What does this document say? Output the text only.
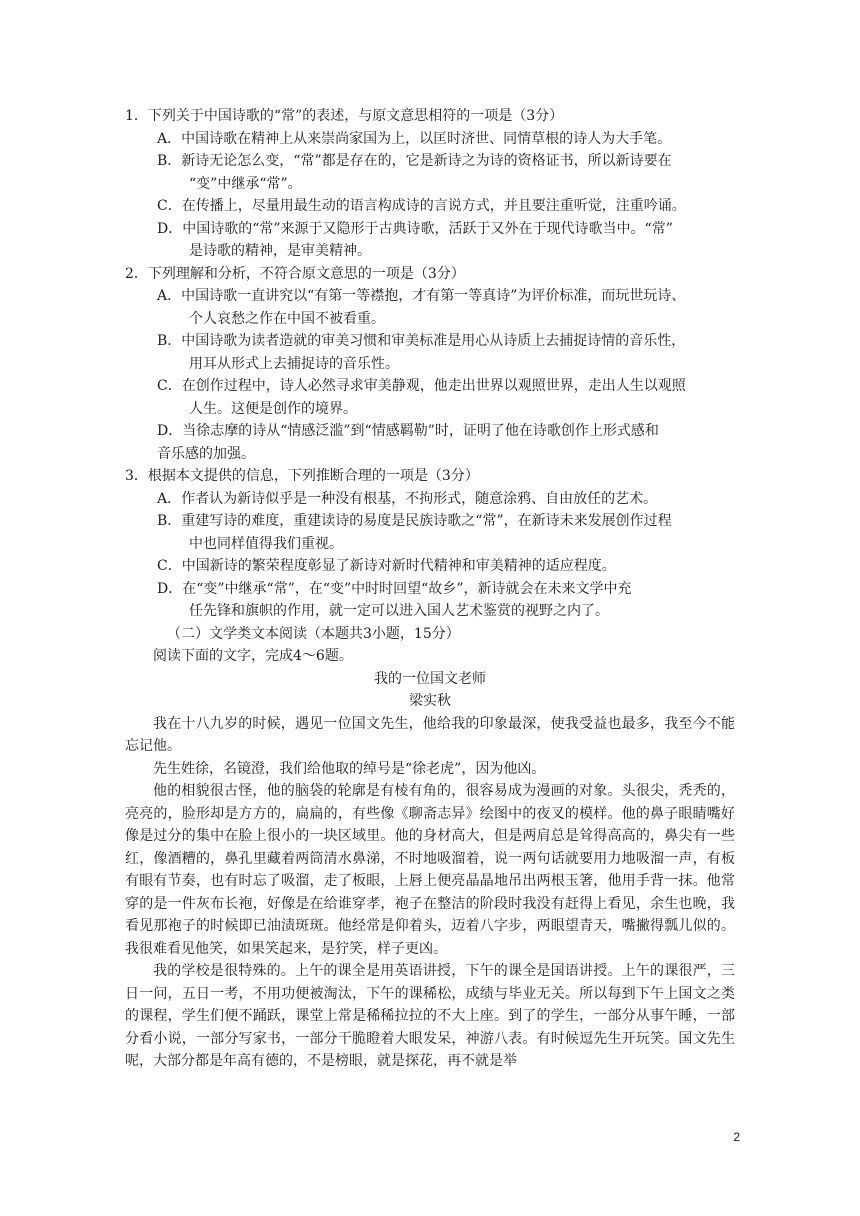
1．下列关于中国诗歌的“常”的表述，与原文意思相符的一项是（3分）
A．中国诗歌在精神上从来崇尚家国为上，以匡时济世、同情草根的诗人为大手笔。
B．新诗无论怎么变，“常”都是存在的，它是新诗之为诗的资格证书，所以新诗要在
“变”中继承“常”。
C．在传播上，尽量用最生动的语言构成诗的言说方式，并且要注重听觉，注重吟诵。
D．中国诗歌的“常”来源于又隐形于古典诗歌，活跃于又外在于现代诗歌当中。“常”
是诗歌的精神，是审美精神。
2．下列理解和分析，不符合原文意思的一项是（3分）
A．中国诗歌一直讲究以“有第一等襟抱，才有第一等真诗”为评价标准，而玩世玩诗、
个人哀愁之作在中国不被看重。
B．中国诗歌为读者造就的审美习惯和审美标准是用心从诗质上去捕捉诗情的音乐性，
用耳从形式上去捕捉诗的音乐性。
C．在创作过程中，诗人必然寻求审美静观，他走出世界以观照世界，走出人生以观照
人生。这便是创作的境界。
D．当徐志摩的诗从“情感泛滥”到“情感羁勒”时，证明了他在诗歌创作上形式感和
音乐感的加强。
3．根据本文提供的信息，下列推断合理的一项是（3分）
A．作者认为新诗似乎是一种没有根基，不拘形式，随意涂鸦、自由放任的艺术。
B．重建写诗的难度，重建读诗的易度是民族诗歌之“常”，在新诗未来发展创作过程
中也同样值得我们重视。
C．中国新诗的繁荣程度彰显了新诗对新时代精神和审美精神的适应程度。
D．在“变”中继承“常”，在“变”中时时回望“故乡”，新诗就会在未来文学中充
任先锋和旗帜的作用，就一定可以进入国人艺术鉴赏的视野之内了。
（二）文学类文本阅读（本题共3小题，15分）
阅读下面的文字，完成4～6题。
我的一位国文老师
梁实秋
我在十八九岁的时候，遇见一位国文先生，他给我的印象最深，使我受益也最多，我至今不能忘记他。
先生姓徐，名镜澄，我们给他取的绰号是“徐老虎”，因为他凶。
他的相貌很古怪，他的脑袋的轮廓是有棱有角的，很容易成为漫画的对象。头很尖，秃秃的，亮亮的，脸形却是方方的，扁扁的，有些像《聊斋志异》绘图中的夜叉的模样。他的鼻子眼睛嘴好像是过分的集中在脸上很小的一块区域里。他的身材高大，但是两肩总是耸得高高的，鼻尖有一些红，像酒糟的，鼻孔里藏着两筒清水鼻涕，不时地吸溜着，说一两句话就要用力地吸溜一声，有板有眼有节奏，也有时忘了吸溜，走了板眼，上唇上便亮晶晶地吊出两根玉箸，他用手背一抹。他常穿的是一件灰布长袍，好像是在给谁穿孝，袍子在整洁的阶段时我没有赶得上看见，余生也晚，我看见那袍子的时候即已油渍斑斑。他经常是仰着头，迈着八字步，两眼望青天，嘴撇得瓢儿似的。我很难看见他笑，如果笑起来，是狞笑，样子更凶。
我的学校是很特殊的。上午的课全是用英语讲授，下午的课全是国语讲授。上午的课很严，三日一问，五日一考，不用功便被淘汰，下午的课稀松，成绩与毕业无关。所以每到下午上国文之类的课程，学生们便不踊跃，课堂上常是稀稀拉拉的不大上座。到了的学生，一部分从事午睡，一部分看小说，一部分写家书，一部分干脆瞪着大眼发呆，神游八表。有时候逗先生开玩笑。国文先生呢，大部分都是年高有德的，不是榜眼，就是探花，再不就是举
2
